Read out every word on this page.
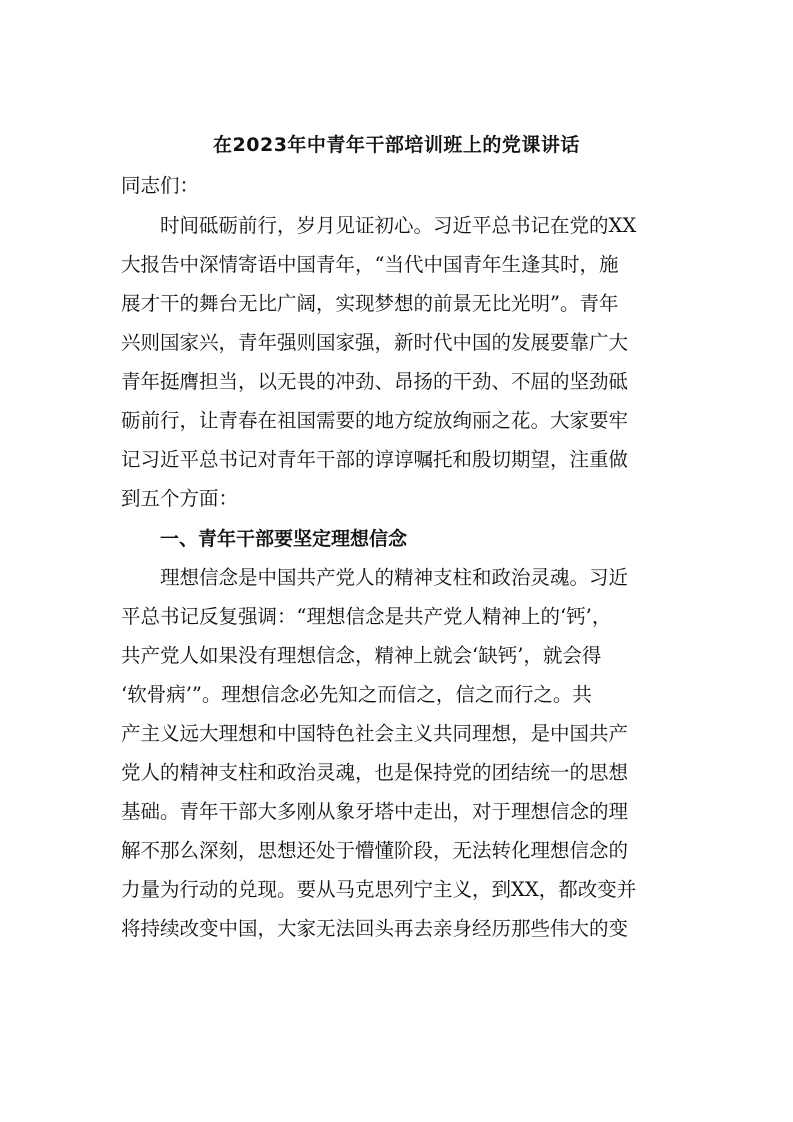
在2023年中青年干部培训班上的党课讲话
同志们：
时间砥砺前行，岁月见证初心。习近平总书记在党的XX
大报告中深情寄语中国青年，“当代中国青年生逢其时，施
展才干的舞台无比广阔，实现梦想的前景无比光明”。青年
兴则国家兴，青年强则国家强，新时代中国的发展要靠广大
青年挺膺担当，以无畏的冲劲、昂扬的干劲、不屈的坚劲砥
砺前行，让青春在祖国需要的地方绽放绚丽之花。大家要牢
记习近平总书记对青年干部的谆谆嘱托和殷切期望，注重做
到五个方面：
一、青年干部要坚定理想信念
理想信念是中国共产党人的精神支柱和政治灵魂。习近
平总书记反复强调：“理想信念是共产党人精神上的‘钙’，
共产党人如果没有理想信念，精神上就会‘缺钙’，就会得
‘软骨病’”。理想信念必先知之而信之，信之而行之。共
产主义远大理想和中国特色社会主义共同理想，是中国共产
党人的精神支柱和政治灵魂，也是保持党的团结统一的思想
基础。青年干部大多刚从象牙塔中走出，对于理想信念的理
解不那么深刻，思想还处于懵懂阶段，无法转化理想信念的
力量为行动的兑现。要从马克思列宁主义，到XX，都改变并
将持续改变中国，大家无法回头再去亲身经历那些伟大的变
